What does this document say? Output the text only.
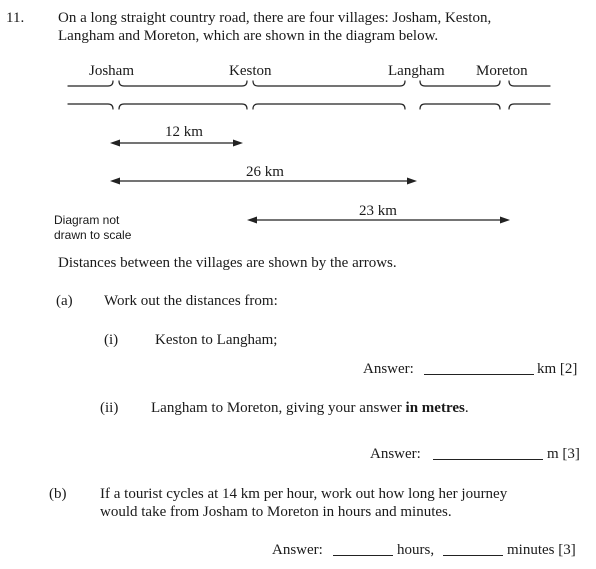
11. On a long straight country road, there are four villages: Josham, Keston,
Langham and Moreton, which are shown in the diagram below.
Josham	Keston	Langham Moreton
12 km
26 km
23 km
Diagram not
drawn to scale
Distances between the villages are shown by the arrows.
(a) Work out the distances from:
(i) Keston to Langham;
Answer:	km [2]
(ii) Langham to Moreton, giving your answer in metres.
Answer:	m [3]
(b) If a tourist cycles at 14 km per hour, work out how long her journey
would take from Josham to Moreton in hours and minutes.
Answer:	hours,	minutes [3]
